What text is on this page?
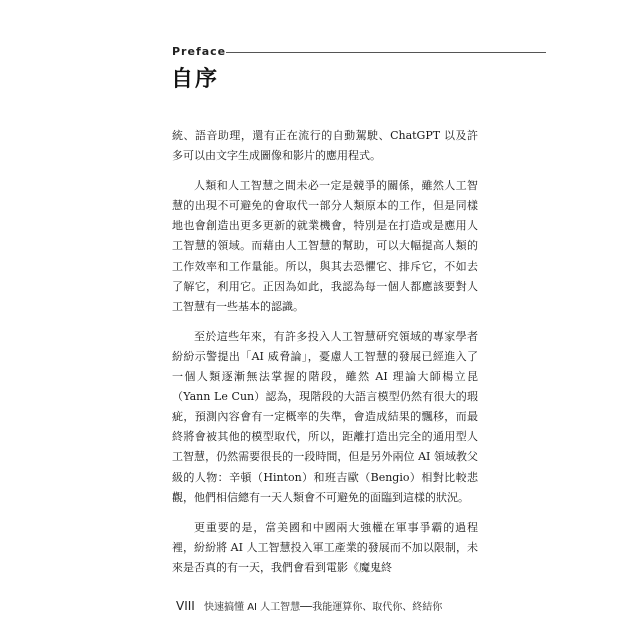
Preface
自序

統、語音助理，還有正在流行的自動駕駛、ChatGPT 以及許多可以由文字生成圖像和影片的應用程式。

人類和人工智慧之間未必一定是競爭的關係，雖然人工智慧的出現不可避免的會取代一部分人類原本的工作，但是同樣地也會創造出更多更新的就業機會，特別是在打造或是應用人工智慧的領域。而藉由人工智慧的幫助，可以大幅提高人類的工作效率和工作量能。所以，與其去恐懼它、排斥它，不如去了解它，利用它。正因為如此，我認為每一個人都應該要對人工智慧有一些基本的認識。

至於這些年來，有許多投入人工智慧研究領域的專家學者紛紛示警提出「AI 威脅論」，憂慮人工智慧的發展已經進入了一個人類逐漸無法掌握的階段，雖然 AI 理論大師楊立昆（Yann Le Cun）認為，現階段的大語言模型仍然有很大的瑕疵，預測內容會有一定概率的失準，會造成結果的飄移，而最終將會被其他的模型取代，所以，距離打造出完全的通用型人工智慧，仍然需要很長的一段時間，但是另外兩位 AI 領域教父級的人物：辛頓（Hinton）和班吉歐（Bengio）相對比較悲觀，他們相信總有一天人類會不可避免的面臨到這樣的狀況。

更重要的是，當美國和中國兩大強權在軍事爭霸的過程裡，紛紛將 AI 人工智慧投入軍工產業的發展而不加以限制，未來是否真的有一天，我們會看到電影《魔鬼終

VIII 快速搞懂 AI 人工智慧──我能運算你、取代你、終結你
